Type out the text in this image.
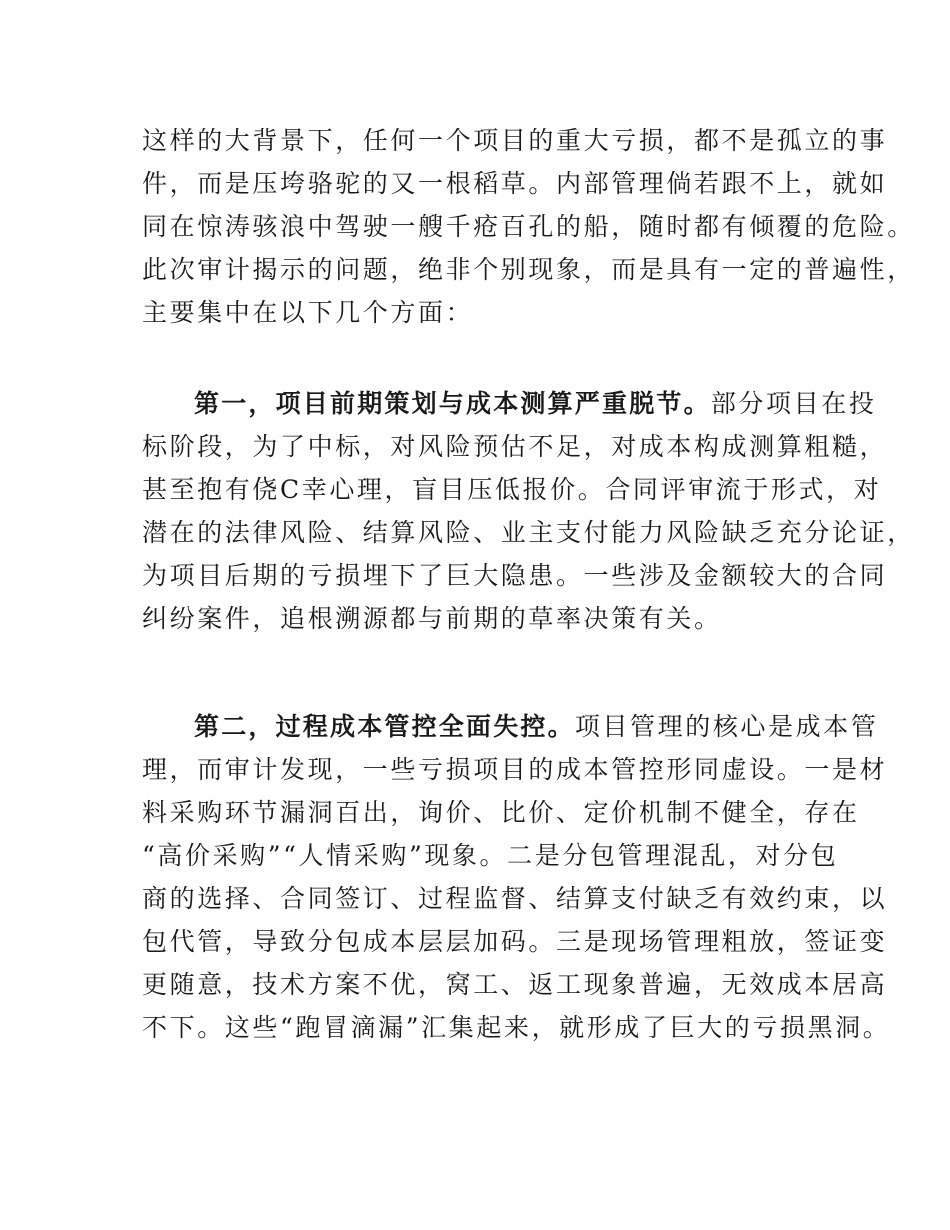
这样的大背景下，任何一个项目的重大亏损，都不是孤立的事
件，而是压垮骆驼的又一根稻草。内部管理倘若跟不上，就如
同在惊涛骇浪中驾驶一艘千疮百孔的船，随时都有倾覆的危险。
此次审计揭示的问题，绝非个别现象，而是具有一定的普遍性，
主要集中在以下几个方面：
第一，项目前期策划与成本测算严重脱节。部分项目在投
标阶段，为了中标，对风险预估不足，对成本构成测算粗糙，
甚至抱有侥C幸心理，盲目压低报价。合同评审流于形式，对
潜在的法律风险、结算风险、业主支付能力风险缺乏充分论证，
为项目后期的亏损埋下了巨大隐患。一些涉及金额较大的合同
纠纷案件，追根溯源都与前期的草率决策有关。
第二，过程成本管控全面失控。项目管理的核心是成本管
理，而审计发现，一些亏损项目的成本管控形同虚设。一是材
料采购环节漏洞百出，询价、比价、定价机制不健全，存在
“高价采购”“人情采购”现象。二是分包管理混乱，对分包
商的选择、合同签订、过程监督、结算支付缺乏有效约束，以
包代管，导致分包成本层层加码。三是现场管理粗放，签证变
更随意，技术方案不优，窝工、返工现象普遍，无效成本居高
不下。这些“跑冒滴漏”汇集起来，就形成了巨大的亏损黑洞。
